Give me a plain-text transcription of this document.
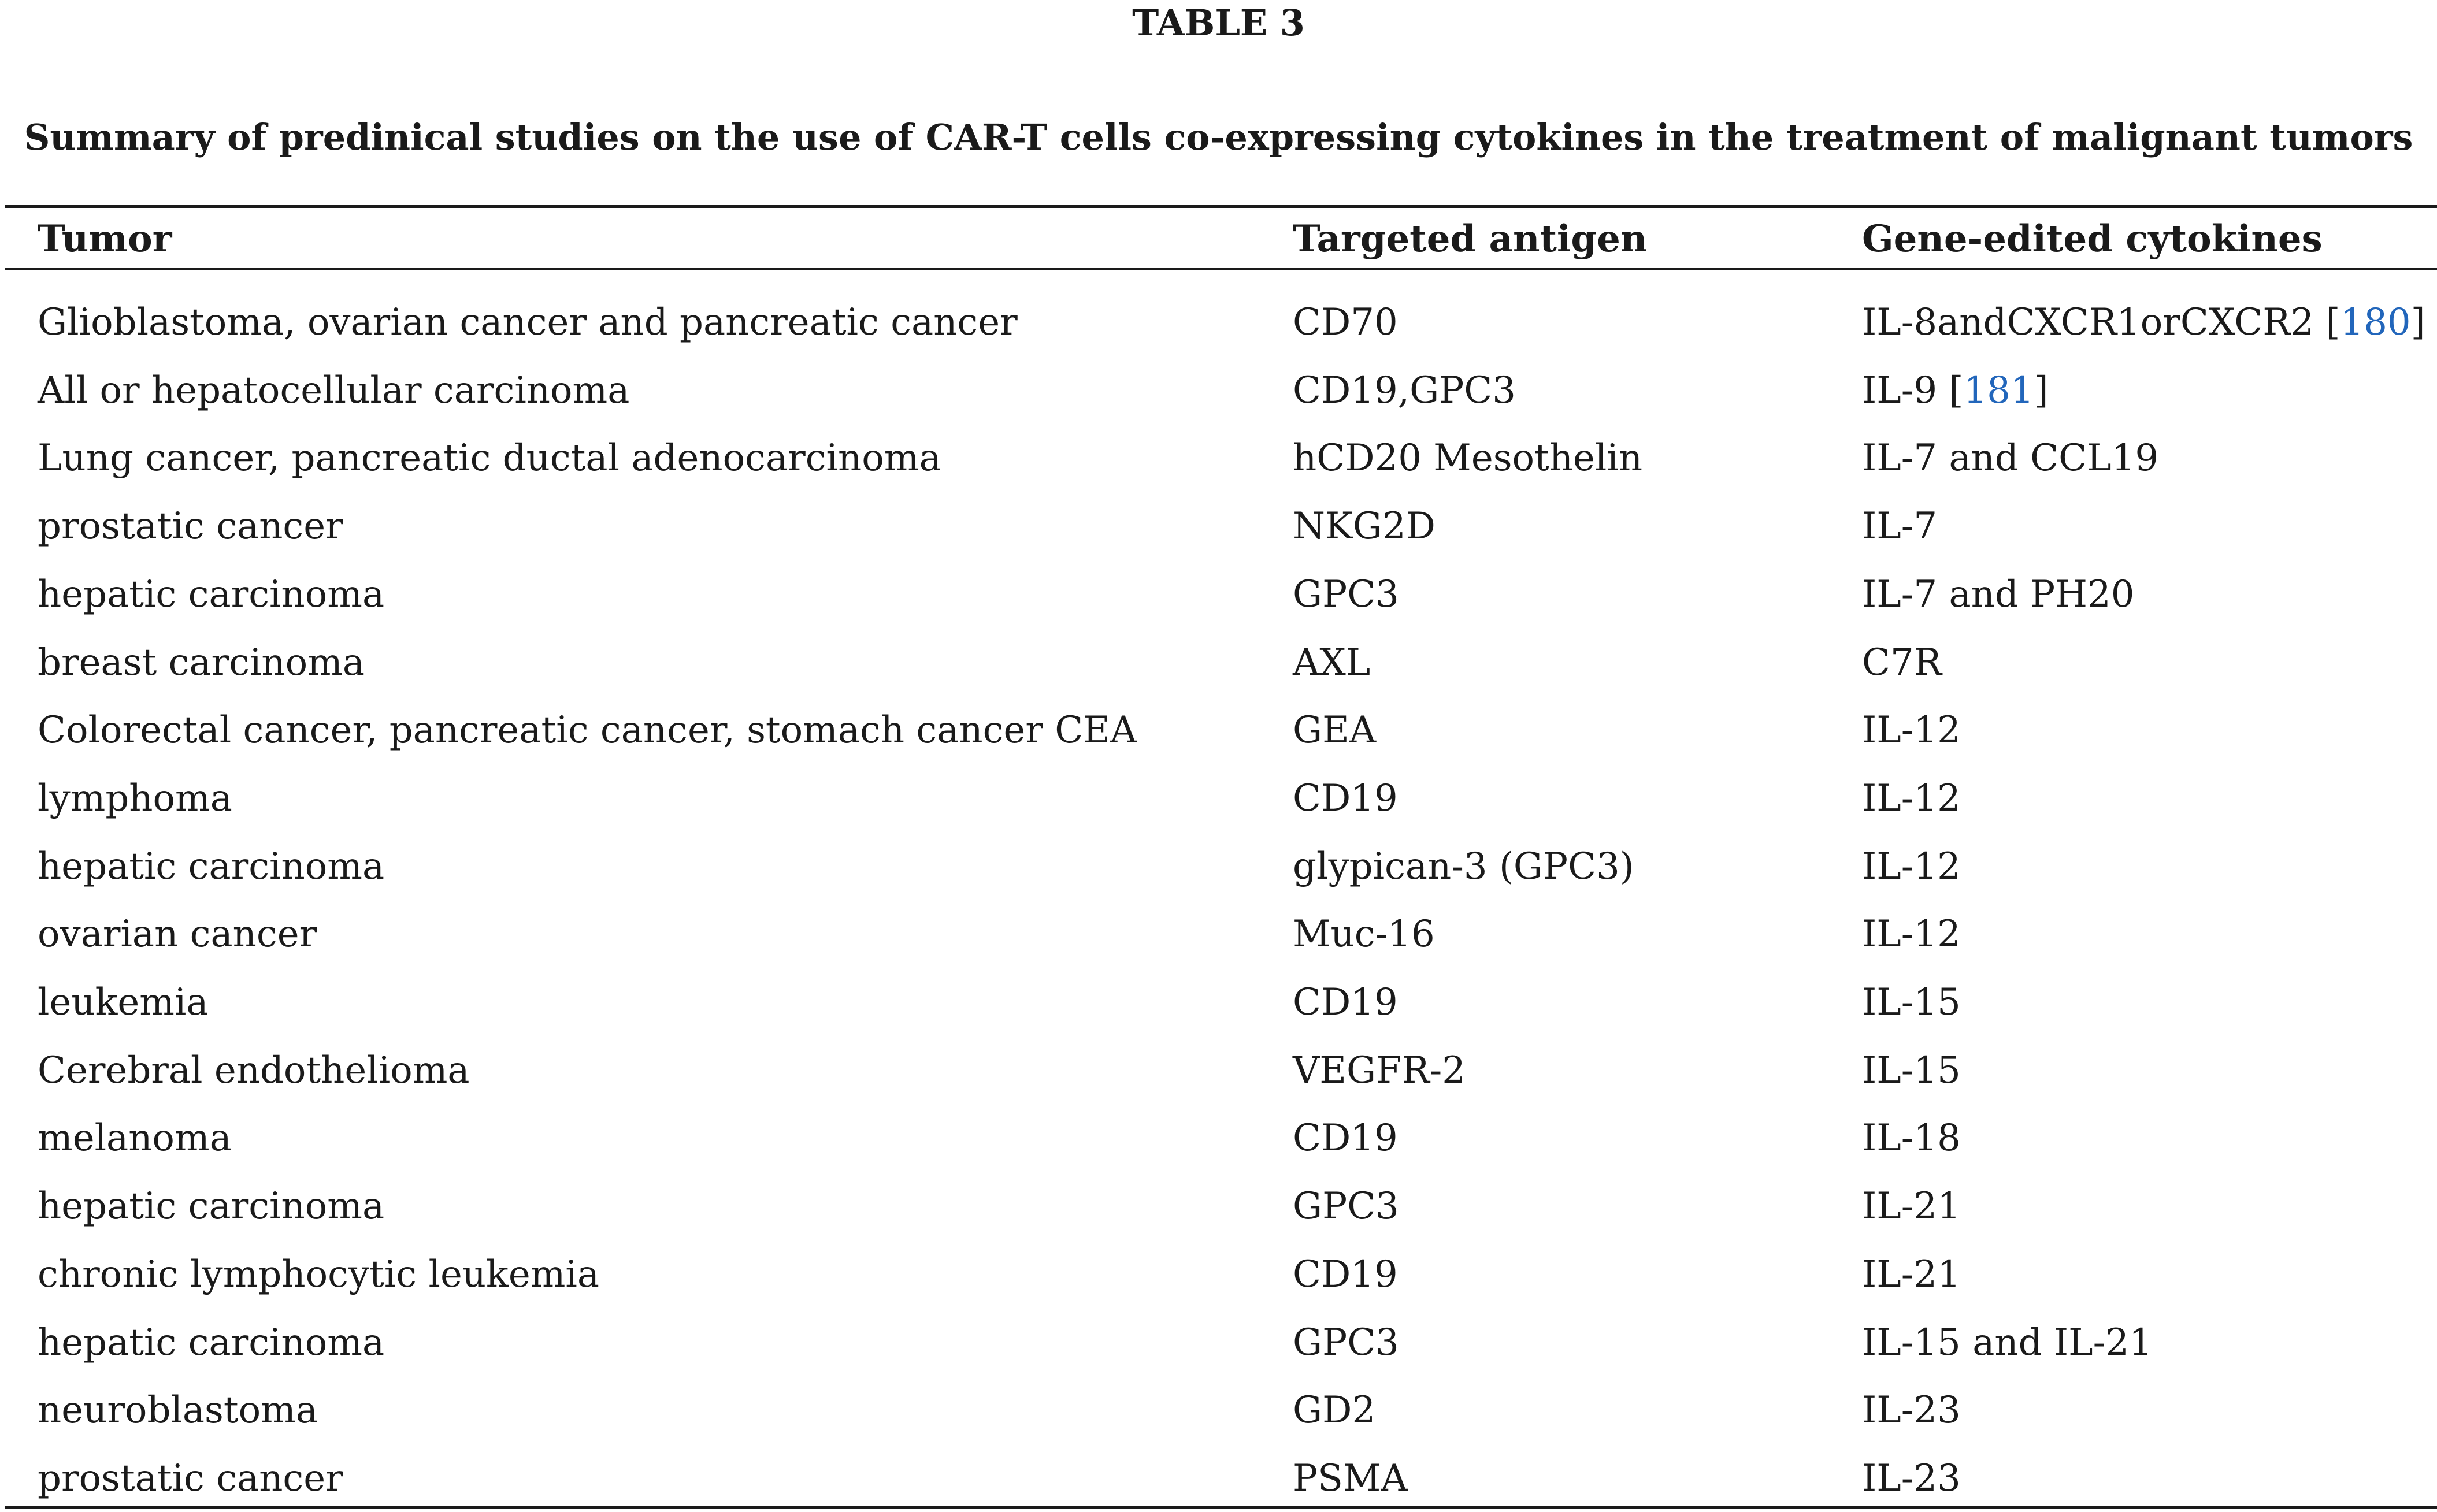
TABLE 3
Summary of predinical studies on the use of CAR-T cells co-expressing cytokines in the treatment of malignant tumors
Tumor	Targeted antigen	Gene-edited cytokines
Glioblastoma, ovarian cancer and pancreatic cancer	CD70	IL-8andCXCR1orCXCR2 [180]
All or hepatocellular carcinoma	CD19,GPC3	IL-9 [181]
Lung cancer, pancreatic ductal adenocarcinoma	hCD20 Mesothelin	IL-7 and CCL19
prostatic cancer	NKG2D	IL-7
hepatic carcinoma	GPC3	IL-7 and PH20
breast carcinoma	AXL	C7R
Colorectal cancer, pancreatic cancer, stomach cancer CEA	GEA	IL-12
lymphoma	CD19	IL-12
hepatic carcinoma	glypican-3 (GPC3)	IL-12
ovarian cancer	Muc-16	IL-12
leukemia	CD19	IL-15
Cerebral endothelioma	VEGFR-2	IL-15
melanoma	CD19	IL-18
hepatic carcinoma	GPC3	IL-21
chronic lymphocytic leukemia	CD19	IL-21
hepatic carcinoma	GPC3	IL-15 and IL-21
neuroblastoma	GD2	IL-23
prostatic cancer	PSMA	IL-23
